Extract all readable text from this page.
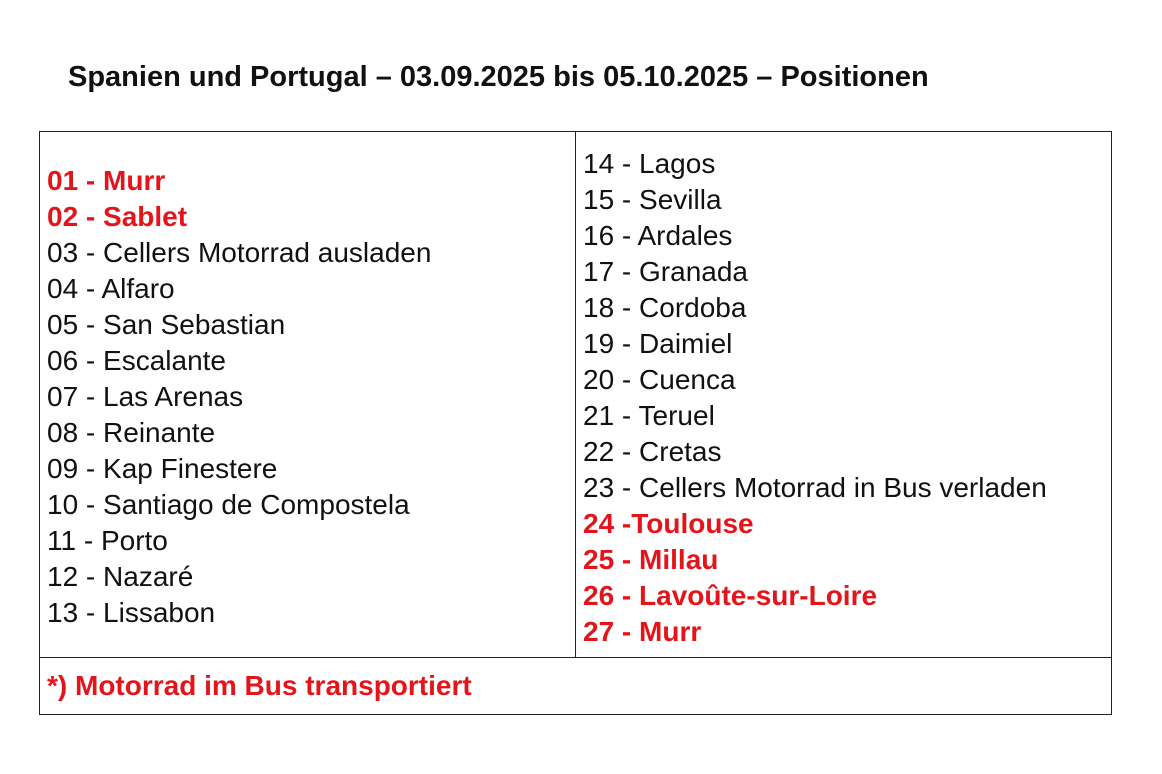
Spanien und Portugal – 03.09.2025 bis 05.10.2025 – Positionen
01 - Murr
02 - Sablet
03 - Cellers Motorrad ausladen
04 - Alfaro
05 - San Sebastian
06 - Escalante
07 - Las Arenas
08 - Reinante
09 - Kap Finestere
10 - Santiago de Compostela
11 - Porto
12 - Nazaré
13 - Lissabon

14 - Lagos
15 - Sevilla
16 - Ardales
17 - Granada
18 - Cordoba
19 - Daimiel
20 - Cuenca
21 - Teruel
22 - Cretas
23 - Cellers Motorrad in Bus verladen
24 -Toulouse
25 - Millau
26 - Lavoûte-sur-Loire
27 - Murr

*) Motorrad im Bus transportiert
